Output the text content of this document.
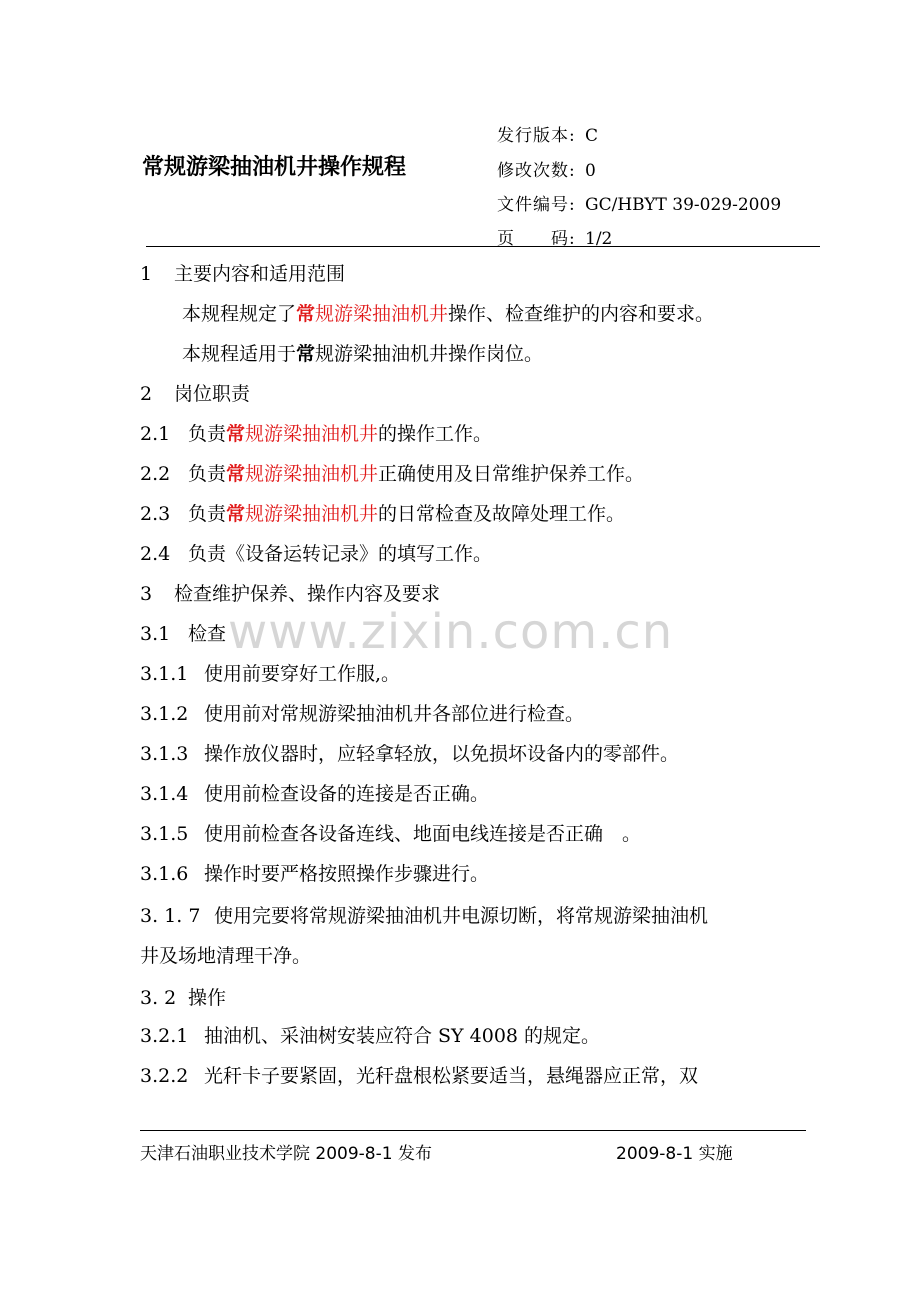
常规游梁抽油机井操作规程
发行版本: C
修改次数: 0
文件编号: GC/HBYT 39-029-2009
页　　码: 1/2
www.zixin.com.cn
1 主要内容和适用范围
本规程规定了常规游梁抽油机井操作、检查维护的内容和要求。
本规程适用于常规游梁抽油机井操作岗位。
2 岗位职责
2.1 负责常规游梁抽油机井的操作工作。
2.2 负责常规游梁抽油机井正确使用及日常维护保养工作。
2.3 负责常规游梁抽油机井的日常检查及故障处理工作。
2.4 负责《设备运转记录》的填写工作。
3 检查维护保养、操作内容及要求
3.1 检查
3.1.1 使用前要穿好工作服,。
3.1.2 使用前对常规游梁抽油机井各部位进行检查。
3.1.3 操作放仪器时，应轻拿轻放，以免损坏设备内的零部件。
3.1.4 使用前检查设备的连接是否正确。
3.1.5 使用前检查各设备连线、地面电线连接是否正确　。
3.1.6 操作时要严格按照操作步骤进行。
3. 1. 7 使用完要将常规游梁抽油机井电源切断，将常规游梁抽油机
井及场地清理干净。
3. 2 操作
3.2.1 抽油机、采油树安装应符合 SY 4008 的规定。
3.2.2 光秆卡子要紧固，光秆盘根松紧要适当，悬绳器应正常，双
天津石油职业技术学院 2009-8-1 发布	2009-8-1 实施
